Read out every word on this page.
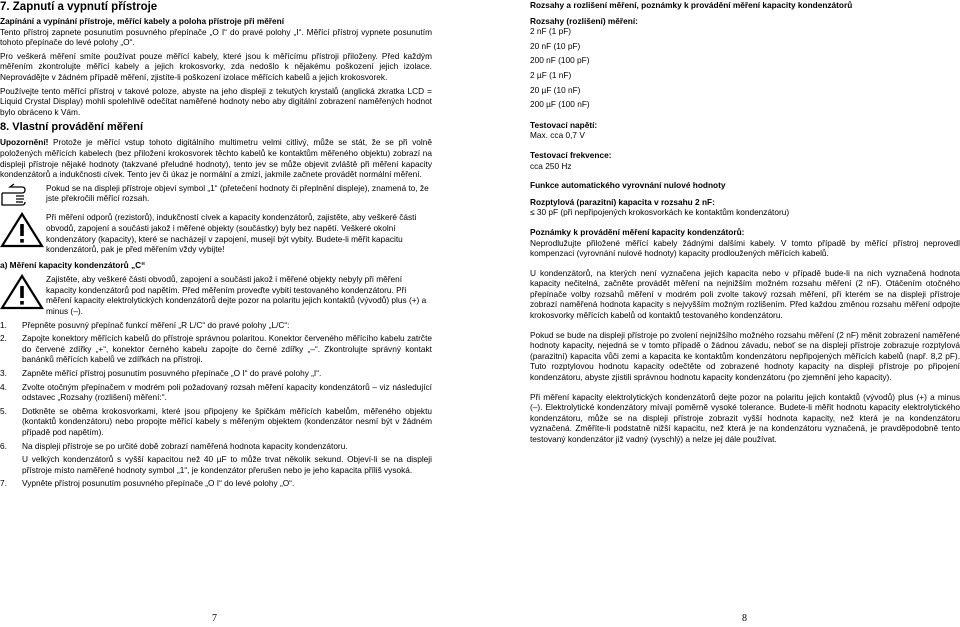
7. Zapnutí a vypnutí přístroje

Zapínání a vypínání přístroje, měřící kabely a poloha přístroje při měření

Tento přístroj zapnete posunutím posuvného přepínače „O I“ do pravé polohy „I“. Měřící přístroj vypnete posunutím tohoto přepínače do levé polohy „O“.

Pro veškerá měření smíte používat pouze měřící kabely, které jsou k měřícímu přístroji přiloženy. Před každým měřením zkontrolujte měřící kabely a jejich krokosvorky, zda nedošlo k nějakému poškození jejich izolace. Neprovádějte v žádném případě měření, zjistíte-li poškození izolace měřících kabelů a jejich krokosvorek.

Používejte tento měřící přístroj v takové poloze, abyste na jeho displeji z tekutých krystalů (anglická zkratka LCD = Liquid Crystal Display) mohli spolehlivě odečítat naměřené hodnoty nebo aby digitální zobrazení naměřených hodnot bylo obráceno k Vám.

8. Vlastní provádění měření

Upozornění! Protože je měřící vstup tohoto digitálního multimetru velmi citlivý, může se stát, že se při volně položených měřících kabelech (bez přiložení krokosvorek těchto kabelů ke kontaktům měřeného objektu) zobrazí na displeji přístroje nějaké hodnoty (takzvané přeludné hodnoty), tento jev se může objevit zvláště při měření kapacity kondenzátorů a indukčnosti cívek. Tento jev či úkaz je normální a zmizí, jakmile začnete provádět normální měření.

Pokud se na displeji přístroje objeví symbol „1“ (přetečení hodnoty či přeplnění displeje), znamená to, že jste překročili měřící rozsah.
Při měření odporů (rezistorů), indukčností cívek a kapacity kondenzátorů, zajistěte, aby veškeré části obvodů, zapojení a součásti jakož i měřené objekty (součástky) byly bez napětí. Veškeré okolní kondenzátory (kapacity), které se nacházejí v zapojení, musejí být vybity. Budete-li měřit kapacitu kondenzátorů, pak je před měřením vždy vybijte!
a) Měření kapacity kondenzátorů „C“
Zajistěte, aby veškeré části obvodů, zapojení a součásti jakož i měřené objekty nebyly při měření kapacity kondenzátorů pod napětím. Před měřením proveďte vybití testovaného kondenzátoru. Při měření kapacity elektrolytických kondenzátorů dejte pozor na polaritu jejich kontaktů (vývodů) plus (+) a minus (–).
1.	Přepněte posuvný přepínač funkcí měření „R L/C“ do pravé polohy „L/C“:
2.	Zapojte konektory měřících kabelů do přístroje správnou polaritou. Konektor červeného měřícího kabelu zatrčte do červené zdířky „+“, konektor černého kabelu zapojte do černé zdířky „–“. Zkontrolujte správný kontakt banánků měřících kabelů ve zdířkách na přístroji.
3.	Zapněte měřící přístroj posunutím posuvného přepínače „O I“ do pravé polohy „I“.
4.	Zvolte otočným přepínačem v modrém poli požadovaný rozsah měření kapacity kondenzátorů – viz následující odstavec „Rozsahy (rozlišení) měření:“.
5.	Dotkněte se oběma krokosvorkami, které jsou připojeny ke špičkám měřících kabelům, měřeného objektu (kontaktů kondenzátoru) nebo propojte měřící kabely s měřeným objektem (kondenzátor nesmí být v žádném případě pod napětím).
6.	Na displeji přístroje se po určité době zobrazí naměřená hodnota kapacity kondenzátoru.
U velkých kondenzátorů s vyšší kapacitou než 40 µF to může trvat několik sekund. Objeví-li se na displeji přístroje místo naměřené hodnoty symbol „1“, je kondenzátor přerušen nebo je jeho kapacita příliš vysoká.
7.	Vypněte přístroj posunutím posuvného přepínače „O I“ do levé polohy „O“.
7

Rozsahy a rozlišení měření, poznámky k provádění měření kapacity kondenzátorů

Rozsahy (rozlišení) měření:

2 nF (1 pF)
20 nF (10 pF)
200 nF (100 pF)
2 µF (1 nF)
20 µF (10 nF)
200 µF (100 nF)

Testovací napětí:

Max. cca 0,7 V

Testovací frekvence:

cca 250 Hz

Funkce automatického vyrovnání nulové hodnoty

Rozptylová (parazitní) kapacita v rozsahu 2 nF:

≤ 30 pF (při nepřipojených krokosvorkách ke kontaktům kondenzátoru)

Poznámky k provádění měření kapacity kondenzátorů:

Neprodlužujte přiložené měřící kabely žádnými dalšími kabely. V tomto případě by měřící přístroj neprovedl kompenzaci (vyrovnání nulové hodnoty) kapacity prodloužených měřících kabelů.

U kondenzátorů, na kterých není vyznačena jejich kapacita nebo v případě bude-li na nich vyznačená hodnota kapacity nečitelná, začněte provádět měření na nejnižším možném rozsahu měření (2 nF). Otáčením otočného přepínače volby rozsahů měření v modrém poli zvolte takový rozsah měření, při kterém se na displeji přístroje zobrazí naměřená hodnota kapacity s nejvyšším možným rozlišením. Před každou změnou rozsahu měření odpojte krokosvorky měřících kabelů od kontaktů testovaného kondenzátoru.

Pokud se bude na displeji přístroje po zvolení nejnižšího možného rozsahu měření (2 nF) měnit zobrazení naměřené hodnoty kapacity, nejedná se v tomto případě o žádnou závadu, neboť se na displeji přístroje zobrazuje rozptylová (parazitní) kapacita vůči zemi a kapacita ke kontaktům kondenzátoru nepřipojených měřících kabelů (např. 8,2 pF). Tuto rozptylovou hodnotu kapacity odečtěte od zobrazené hodnoty kapacity na displeji přístroje po připojení kondenzátoru, abyste zjistili správnou hodnotu kapacity kondenzátoru (po zjemnění jeho kapacity).

Při měření kapacity elektrolytických kondenzátorů dejte pozor na polaritu jejich kontaktů (vývodů) plus (+) a minus (–). Elektrolytické kondenzátory mívají poměrně vysoké tolerance. Budete-li měřit hodnotu kapacity elektrolytického kondenzátoru, může se na displeji přístroje zobrazit vyšší hodnota kapacity, než která je na kondenzátoru vyznačená. Změříte-li podstatně nižší kapacitu, než která je na kondenzátoru vyznačená, je pravděpodobně tento testovaný kondenzátor již vadný (vyschlý) a nelze jej dále používat.

8
